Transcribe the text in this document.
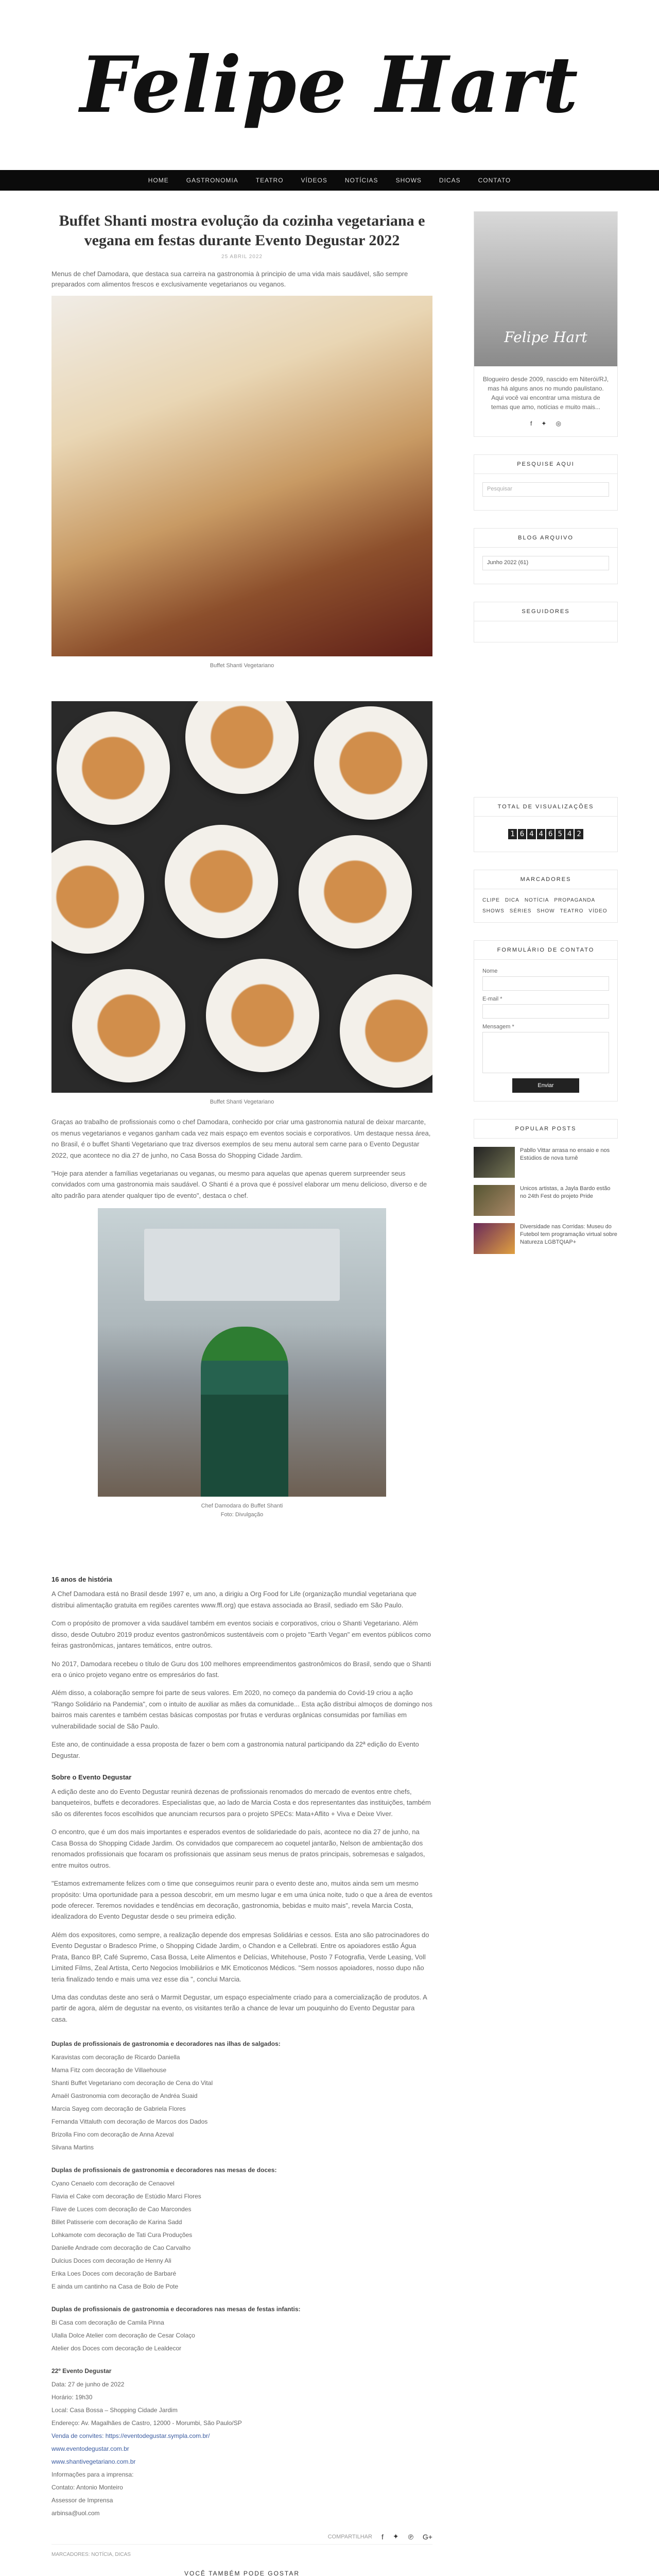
Felipe Hart
HOME	GASTRONOMIA	TEATRO	VÍDEOS	NOTÍCIAS	SHOWS	DICAS	CONTATO
Buffet Shanti mostra evolução da cozinha vegetariana e vegana em festas durante Evento Degustar 2022
25 ABRIL 2022

Menus de chef Damodara, que destaca sua carreira na gastronomia à principio de uma vida mais saudável, são sempre preparados com alimentos frescos e exclusivamente vegetarianos ou veganos.

Buffet Shanti Vegetariano
Buffet Shanti Vegetariano

Graças ao trabalho de profissionais como o chef Damodara, conhecido por criar uma gastronomia natural de deixar marcante, os menus vegetarianos e veganos ganham cada vez mais espaço em eventos sociais e corporativos. Um destaque nessa área, no Brasil, é o buffet Shanti Vegetariano que traz diversos exemplos de seu menu autoral sem carne para o Evento Degustar 2022, que acontece no dia 27 de junho, no Casa Bossa do Shopping Cidade Jardim.

"Hoje para atender a famílias vegetarianas ou veganas, ou mesmo para aquelas que apenas querem surpreender seus convidados com uma gastronomia mais saudável. O Shanti é a prova que é possível elaborar um menu delicioso, diverso e de alto padrão para atender qualquer tipo de evento", destaca o chef.

Chef Damodara do Buffet Shanti
Foto: Divulgação
16 anos de história

A Chef Damodara está no Brasil desde 1997 e, um ano, a dirigiu a Org Food for Life (organização mundial vegetariana que distribui alimentação gratuita em regiões carentes www.ffl.org) que estava associada ao Brasil, sediado em São Paulo.

Com o propósito de promover a vida saudável também em eventos sociais e corporativos, criou o Shanti Vegetariano. Além disso, desde Outubro 2019 produz eventos gastronômicos sustentáveis com o projeto "Earth Vegan" em eventos públicos como feiras gastronômicas, jantares temáticos, entre outros.

No 2017, Damodara recebeu o título de Guru dos 100 melhores empreendimentos gastronômicos do Brasil, sendo que o Shanti era o único projeto vegano entre os empresários do fast.

Além disso, a colaboração sempre foi parte de seus valores. Em 2020, no começo da pandemia do Covid-19 criou a ação "Rango Solidário na Pandemia", com o intuito de auxiliar as mães da comunidade... Esta ação distribui almoços de domingo nos bairros mais carentes e também cestas básicas compostas por frutas e verduras orgânicas consumidas por famílias em vulnerabilidade social de São Paulo.

Este ano, de continuidade a essa proposta de fazer o bem com a gastronomia natural participando da 22ª edição do Evento Degustar.

Sobre o Evento Degustar

A edição deste ano do Evento Degustar reunirá dezenas de profissionais renomados do mercado de eventos entre chefs, banqueteiros, buffets e decoradores. Especialistas que, ao lado de Marcia Costa e dos representantes das instituições, também são os diferentes focos escolhidos que anunciam recursos para o projeto SPECs: Mata+Aflito + Viva e Deixe Viver.

O encontro, que é um dos mais importantes e esperados eventos de solidariedade do país, acontece no dia 27 de junho, na Casa Bossa do Shopping Cidade Jardim. Os convidados que comparecem ao coquetel jantarão, Nelson de ambientação dos renomados profissionais que focaram os profissionais que assinam seus menus de pratos principais, sobremesas e salgados, entre muitos outros.

"Estamos extremamente felizes com o time que conseguimos reunir para o evento deste ano, muitos ainda sem um mesmo propósito: Uma oportunidade para a pessoa descobrir, em um mesmo lugar e em uma única noite, tudo o que a área de eventos pode oferecer. Teremos novidades e tendências em decoração, gastronomia, bebidas e muito mais", revela Marcia Costa, idealizadora do Evento Degustar desde o seu primeira edição.

Além dos expositores, como sempre, a realização depende dos empresas Solidárias e cessos. Esta ano são patrocinadores do Evento Degustar o Bradesco Prime, o Shopping Cidade Jardim, o Chandon e a Cellebrati. Entre os apoiadores estão Água Prata, Banco BP, Café Supremo, Casa Bossa, Leite Alimentos e Delícias, Whitehouse, Posto 7 Fotografia, Verde Leasing, Voll Limited Films, Zeal Artista, Certo Negocios Imobiliários e MK Emoticonos Médicos. "Sem nossos apoiadores, nosso dupo não teria finalizado tendo e mais uma vez esse dia ", conclui Marcia.

Uma das condutas deste ano será o Marmit Degustar, um espaço especialmente criado para a comercialização de produtos. A partir de agora, além de degustar na evento, os visitantes terão a chance de levar um pouquinho do Evento Degustar para casa.

Duplas de profissionais de gastronomia e decoradores nas ilhas de salgados:
Karavistas com decoração de Ricardo Daniella
Mama Fitz com decoração de Villaehouse
Shanti Buffet Vegetariano com decoração de Cena do Vital
Amaël Gastronomia com decoração de Andréa Suaid
Marcia Sayeg com decoração de Gabriela Flores
Fernanda Vittaluth com decoração de Marcos dos Dados
Brizolla Fino com decoração de Anna Azeval
Silvana Martins
Duplas de profissionais de gastronomia e decoradores nas mesas de doces:
Cyano Cenaelo com decoração de Cenaovel
Flavia el Cake com decoração de Estúdio Marci Flores
Flave de Luces com decoração de Cao Marcondes
Billet Patisserie com decoração de Karina Sadd
Lohkamote com decoração de Tati Cura Produções
Danielle Andrade com decoração de Cao Carvalho
Dulcius Doces com decoração de Henny Ali
Erika Loes Doces com decoração de Barbaré
E ainda um cantinho na Casa de Bolo de Pote
Duplas de profissionais de gastronomia e decoradores nas mesas de festas infantis:
Bi Casa com decoração de Camila Pinna
Ulalla Dolce Atelier com decoração de Cesar Colaço
Atelier dos Doces com decoração de Lealdecor
22º Evento Degustar
Data: 27 de junho de 2022
Horário: 19h30
Local: Casa Bossa – Shopping Cidade Jardim
Endereço: Av. Magalhães de Castro, 12000 - Morumbi, São Paulo/SP
Venda de convites: https://eventodegustar.sympla.com.br/
www.eventodegustar.com.br
www.shantivegetariano.com.br
Informações para a imprensa:
Contato: Antonio Monteiro
Assessor de Imprensa
arbinsa@uol.com
COMPARTILHAR f ✦ ℗ G+
MARCADORES: NOTÍCIA, DICAS
VOCÊ TAMBÉM PODE GOSTAR
Felipe Hart
Blogueiro desde 2009, nascido em Niterói/RJ, mas há alguns anos no mundo paulistano. Aqui você vai encontrar uma mistura de temas que amo, notícias e muito mais...
f ✦ ◎
PESQUISE AQUI
Pesquisar
BLOG ARQUIVO
Junho 2022 (61)
SEGUIDORES
TOTAL DE VISUALIZAÇÕES
1 6 4 4 6 5 4 2
MARCADORES
CLIPE DICA NOTÍCIA PROPAGANDA
SHOWS SÉRIES SHOW TEATRO VÍDEO
FORMULÁRIO DE CONTATO
Nome
E-mail *
Mensagem *
Enviar
POPULAR POSTS
Pabllo Vittar arrasa no ensaio e nos Estúdios de nova turnê
Unicos artistas, a Jayla Bardo estão no 24th Fest do projeto Pride
Diversidade nas Corridas: Museu do Futebol tem programação virtual sobre Natureza LGBTQIAP+
